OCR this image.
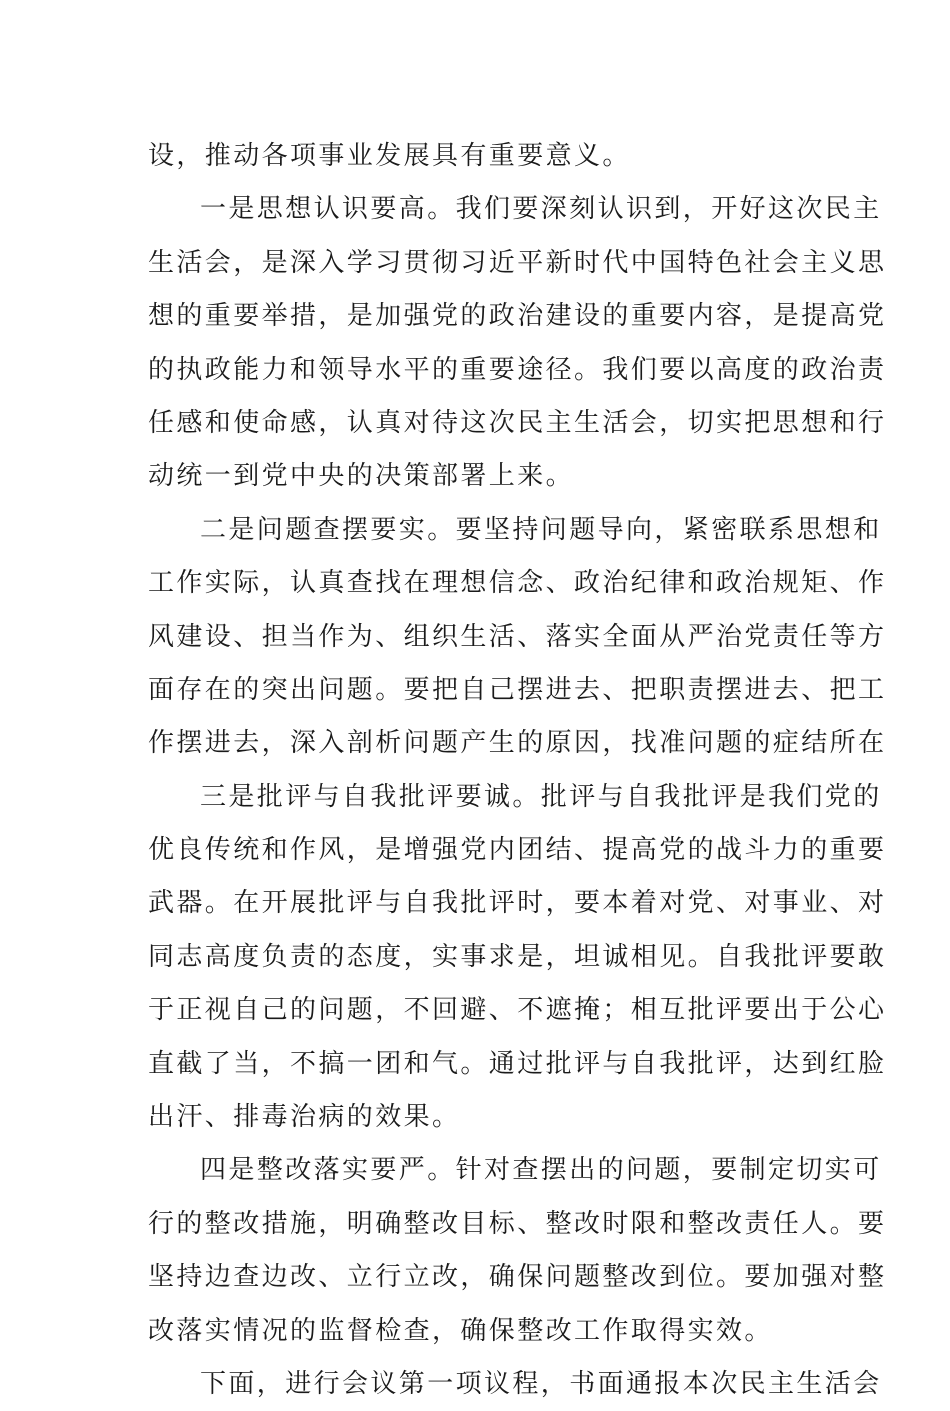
设，推动各项事业发展具有重要意义。
一是思想认识要高。我们要深刻认识到，开好这次民主
生活会，是深入学习贯彻习近平新时代中国特色社会主义思
想的重要举措，是加强党的政治建设的重要内容，是提高党
的执政能力和领导水平的重要途径。我们要以高度的政治责
任感和使命感，认真对待这次民主生活会，切实把思想和行
动统一到党中央的决策部署上来。
二是问题查摆要实。要坚持问题导向，紧密联系思想和
工作实际，认真查找在理想信念、政治纪律和政治规矩、作
风建设、担当作为、组织生活、落实全面从严治党责任等方
面存在的突出问题。要把自己摆进去、把职责摆进去、把工
作摆进去，深入剖析问题产生的原因，找准问题的症结所在
三是批评与自我批评要诚。批评与自我批评是我们党的
优良传统和作风，是增强党内团结、提高党的战斗力的重要
武器。在开展批评与自我批评时，要本着对党、对事业、对
同志高度负责的态度，实事求是，坦诚相见。自我批评要敢
于正视自己的问题，不回避、不遮掩；相互批评要出于公心
直截了当，不搞一团和气。通过批评与自我批评，达到红脸
出汗、排毒治病的效果。
四是整改落实要严。针对查摆出的问题，要制定切实可
行的整改措施，明确整改目标、整改时限和整改责任人。要
坚持边查边改、立行立改，确保问题整改到位。要加强对整
改落实情况的监督检查，确保整改工作取得实效。
下面，进行会议第一项议程，书面通报本次民主生活会
